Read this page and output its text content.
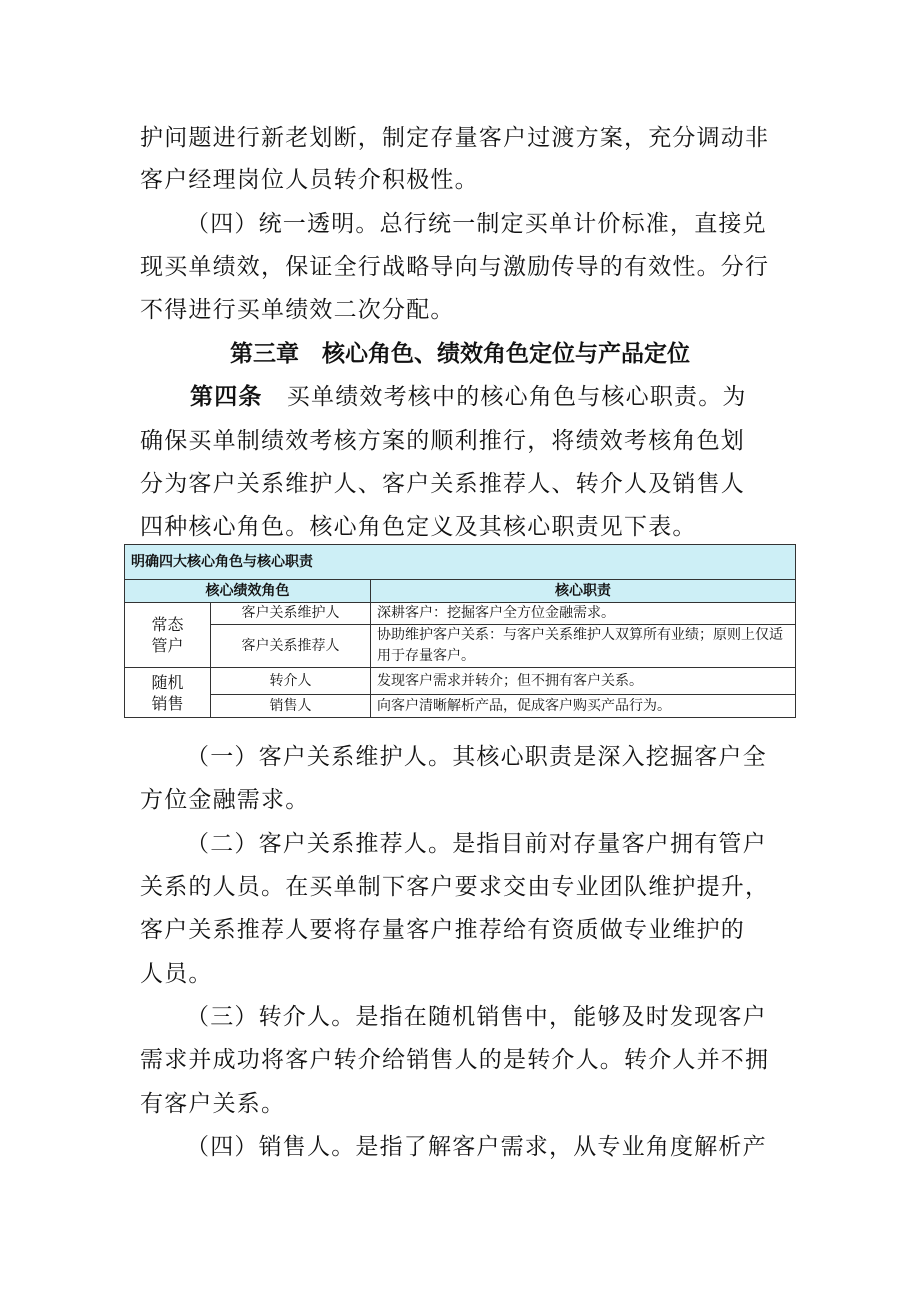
护问题进行新老划断，制定存量客户过渡方案，充分调动非
客户经理岗位人员转介积极性。
（四）统一透明。总行统一制定买单计价标准，直接兑
现买单绩效，保证全行战略导向与激励传导的有效性。分行
不得进行买单绩效二次分配。
第三章　核心角色、绩效角色定位与产品定位
第四条　买单绩效考核中的核心角色与核心职责。为
确保买单制绩效考核方案的顺利推行，将绩效考核角色划
分为客户关系维护人、客户关系推荐人、转介人及销售人
四种核心角色。核心角色定义及其核心职责见下表。
明确四大核心角色与核心职责		
核心绩效角色		核心职责
常态
管户	客户关系维护人	深耕客户：挖掘客户全方位金融需求。
	客户关系推荐人	协助维护客户关系：与客户关系维护人双算所有业绩；原则上仅适用于存量客户。
随机
销售	转介人	发现客户需求并转介；但不拥有客户关系。
	销售人	向客户清晰解析产品，促成客户购买产品行为。
（一）客户关系维护人。其核心职责是深入挖掘客户全
方位金融需求。
（二）客户关系推荐人。是指目前对存量客户拥有管户
关系的人员。在买单制下客户要求交由专业团队维护提升，
客户关系推荐人要将存量客户推荐给有资质做专业维护的
人员。
（三）转介人。是指在随机销售中，能够及时发现客户
需求并成功将客户转介给销售人的是转介人。转介人并不拥
有客户关系。
（四）销售人。是指了解客户需求，从专业角度解析产
